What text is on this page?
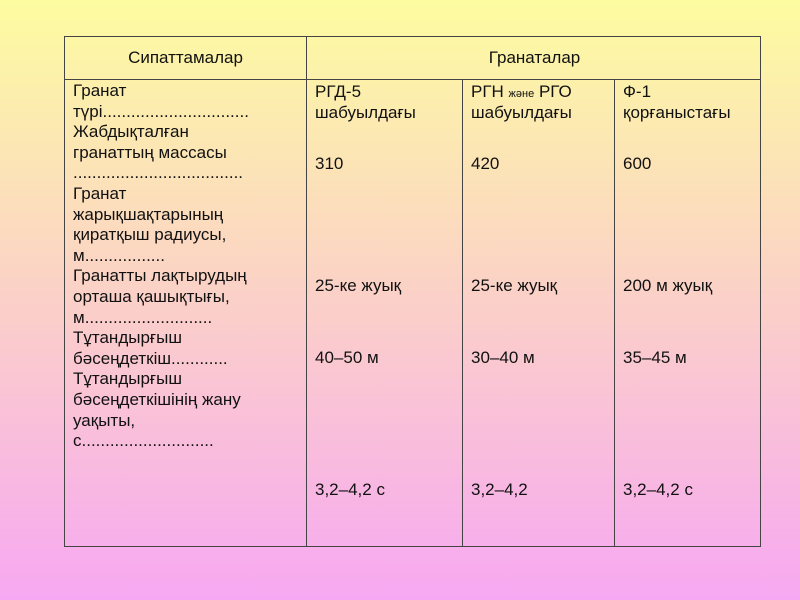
Сипаттамалар	Гранаталар
Гранат
түрі...............................
Жабдықталған
гранаттың массасы
....................................
Гранат
жарықшақтарының
қиратқыш радиусы,
м.................
Гранатты лақтырудың
орташа қашықтығы,
м...........................
Тұтандырғыш
бәсеңдеткіш............
Тұтандырғыш
бәсеңдеткішінің жану
уақыты,
с............................
РГД-5
шабуылдағы
310
25-ке жуық
40–50 м
3,2–4,2 с
РГН және РГО
шабуылдағы
420
25-ке жуық
30–40 м
3,2–4,2
Ф-1
қорғаныстағы
600
200 м жуық
35–45 м
3,2–4,2 с
